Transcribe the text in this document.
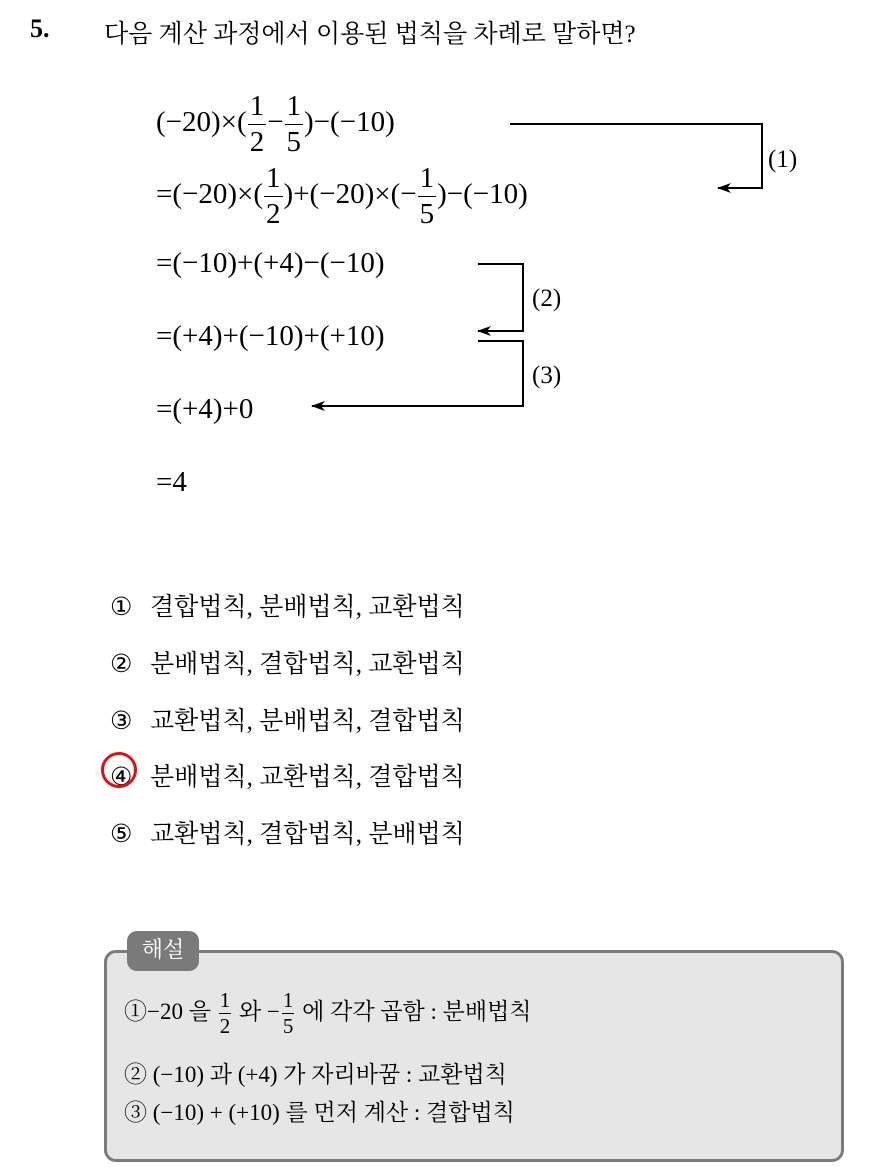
5. 다음 계산 과정에서 이용된 법칙을 차례로 말하면?
$(-20)\times( \frac{1}{2} - \frac{1}{5} )-(-10)$
$=(-20)\times( \frac{1}{2} )+(-20)\times(- \frac{1}{5} )-(-10)$
=(−10)+(+4)−(−10)
=(+4)+(−10)+(+10)
=(+4)+0
=4
(1)
(2)
(3)
① 결합법칙, 분배법칙, 교환법칙
② 분배법칙, 결합법칙, 교환법칙
③ 교환법칙, 분배법칙, 결합법칙
④ 분배법칙, 교환법칙, 결합법칙
⑤ 교환법칙, 결합법칙, 분배법칙
해설
①−20 을 $\frac{1}{2}$ 와 − $\frac{1}{5}$ 에 각각 곱함 : 분배법칙
② (−10) 과 (+4) 가 자리바꿈 : 교환법칙
③ (−10) + (+10) 를 먼저 계산 : 결합법칙
